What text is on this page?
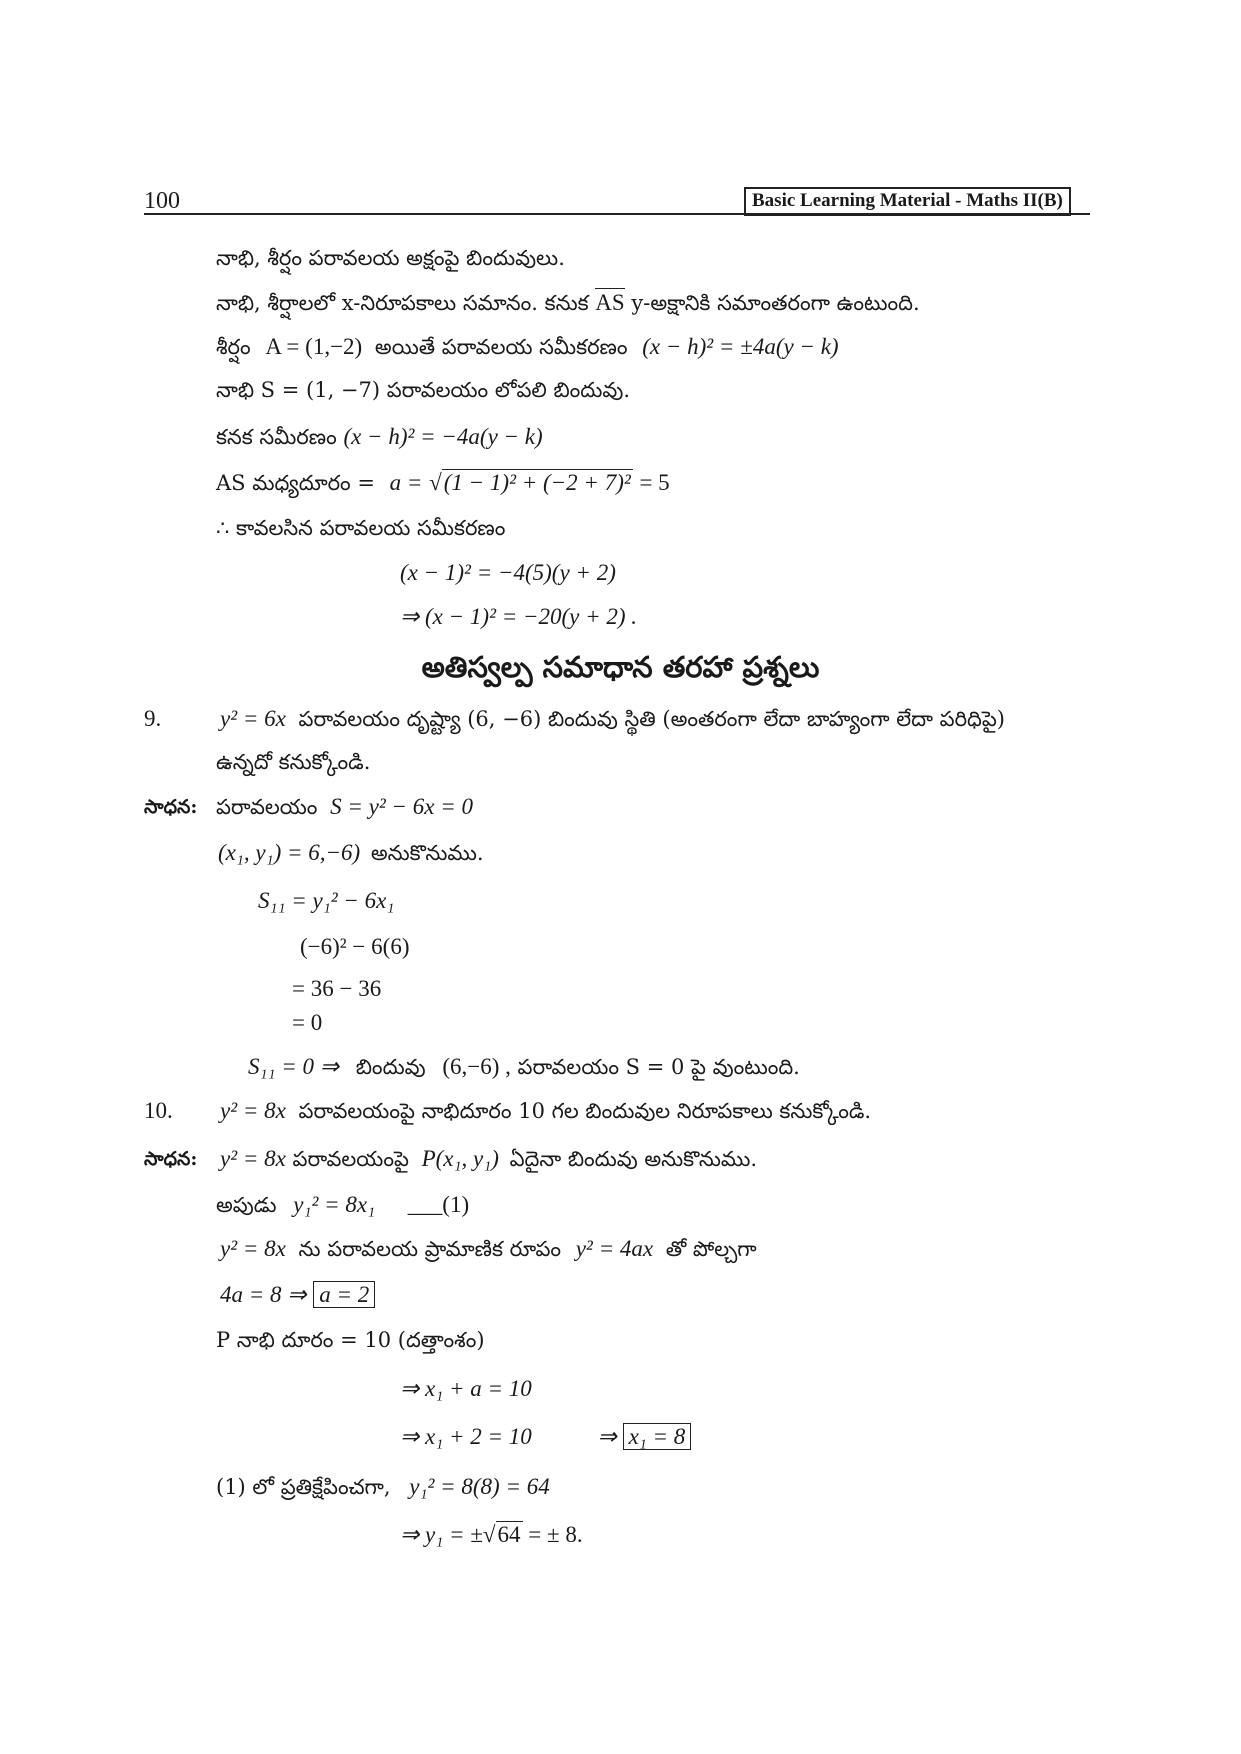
100	Basic Learning Material - Maths II(B)
నాభి, శీర్షం పరావలయ అక్షంపై బిందువులు.
నాభి, శీర్షాలలో x-నిరూపకాలు సమానం. కనుక AS y-అక్షానికి సమాంతరంగా ఉంటుంది.
శీర్షం A = (1,−2) అయితే పరావలయ సమీకరణం (x − h)² = ±4a(y − k)
నాభి S = (1, −7) పరావలయం లోపలి బిందువు.
కనక సమీరణం (x − h)² = −4a(y − k)
AS మధ్యదూరం = a = √(1 − 1)² + (−2 + 7)² = 5
∴ కావలసిన పరావలయ సమీకరణం
(x − 1)² = −4(5)(y + 2)
⇒ (x − 1)² = −20(y + 2) .
అతిస్వల్ప సమాధాన తరహా ప్రశ్నలు
9.	y² = 6x పరావలయం దృష్ట్యా (6, −6) బిందువు స్థితి (అంతరంగా లేదా బాహ్యంగా లేదా పరిధిపై)
ఉన్నదో కనుక్కోండి.
సాధన: పరావలయం S = y² − 6x = 0
(x₁, y₁) = 6,−6) అనుకొనుము.
S₁₁ = y₁² − 6x₁
(−6)² − 6(6)
= 36 − 36
= 0
S₁₁ = 0 ⇒ బిందువు (6,−6) , పరావలయం S = 0 పై వుంటుంది.
10. y² = 8x పరావలయంపై నాభిదూరం 10 గల బిందువుల నిరూపకాలు కనుక్కోండి.
సాధన: y² = 8x పరావలయంపై P(x₁, y₁) ఏదైనా బిందువు అనుకొనుము.
అపుడు y₁² = 8x₁ ___(1)
y² = 8x ను పరావలయ ప్రామాణిక రూపం y² = 4ax తో పోల్చగా
4a = 8 ⇒ a = 2
P నాభి దూరం = 10 (దత్తాంశం)
⇒ x₁ + a = 10
⇒ x₁ + 2 = 10	⇒ x₁ = 8
(1) లో ప్రతిక్షేపించగా, y₁² = 8(8) = 64
⇒ y₁ = ±√64 = ± 8.
